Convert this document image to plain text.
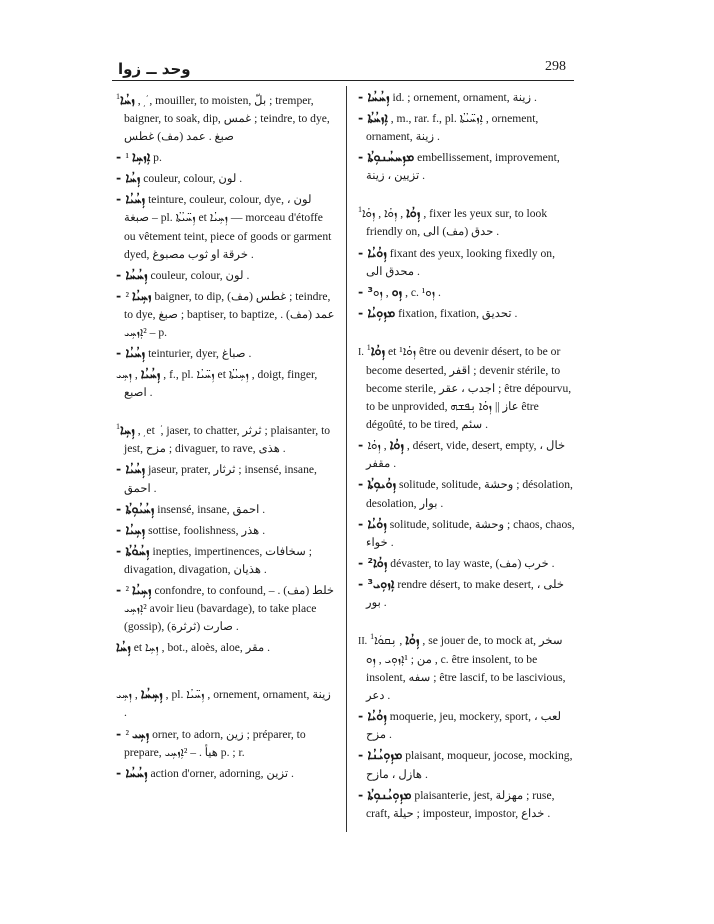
وحد ــ زوا	298
$^1$ܙܚܳܐ , ܼ ܿ , mouiller, to moisten, بلّ ; tremper, baigner, to soak, dip, غمس ; teindre, to dye, صبغ . عمد (مف) غطس
- ܐܼܙܚܼܐ ¹ p.
- ܙܼܚܳܐ couleur, colour, لون .
- ܙܼܚܳܝܳܐ teinture, couleur, colour, dye, لون ، صبغة – pl. ܙܼܚ̈ܝܳܬܳܐ et ܙܼܚܼܝܳܐ — morceau d'étoffe ou vêtement teint, piece of goods or garment dyed, خرقة او ثوب مصبوغ .
- ܙܼܚܳܚܳܐ couleur, colour, لون .
- ܙܚܼܝܳܐ ² baigner, to dip, غطس (مف) ; teindre, to dye, صبغ ; baptiser, to baptize, عمد (مف) . – ²ܐܼܙܚܼܝ p.
- ܙܼܚܳܝܳܐ teinturier, dyer, صباغ .
ܙܼܚܳܝܳܐ , ܙܼܚܼܝ , f., pl. ܙܼܚ̈ܝܳܐ et ܙܼܚܼܝܳܬܳܐ , doigt, finger, اصبع .
$^1$ܙܼܚܼܐ , ܼ et ܿ , jaser, to chatter, ثرثر ; plaisanter, to jest, مزح ; divaguer, to rave, هذى .
- ܙܼܚܳܝܳܐ jaseur, prater, ثرثار ; insensé, insane, احمق .
- ܙܼܚܳܝܳܘܼܬܳܐ insensé, insane, احمق .
- ܙܼܚܼܝܳܐ sottise, foolishness, هذر .
- ܙܼܚܳܘܳܬܳܐ inepties, impertinences, سخافات ; divagation, divagation, هذيان .
- ܙܼܚܼܝܳܐ ² confondre, to confound, خلط (مف) . – ²ܐܼܙܚܼܝ avoir lieu (bavardage), to take place (gossip), صارت (ثرثرة) .
ܙܼܚܳܐ et ܙܼܚܼܐ , bot., aloès, aloe, مقر .
ܙܼܚܼܚܳܐ , ܙܼܚܼܝ , pl. ܙܼܚ̈ܝܳܐ , ornement, ornament, زينة .
- ܙܼܚܼܝ ² orner, to adorn, زين ; préparer, to prepare, هيأ . – ²ܐܼܙܚܼܝ p. ; r.
- ܙܼܚܳܚܳܐ action d'orner, adorning, تزين .
- ܙܼܚܳܚܳܐ id. ; ornement, ornament, زينة .
- ܐܼܙܚܳܬܳܐ , m., rar. f., pl. ܐܼܙܚ̈ܝܳܬܳܐ , ornement, ornament, زينة .
- ܡܙܼܚܚܳܢܘܼܬܳܐ embellissement, improvement, تزيين ، زينة .
$^1$	ܙܼܘܳܐ , ܙܼܘܳܐ , ܙܼܘܳܐ , fixer les yeux sur, to look friendly on, حدق (مف) الى .
- ܙܼܘܳܝܳܐ fixant des yeux, looking fixedly on, محدق الى .
- ³ܙܼܘ , ܙܼܘ , c. ¹ܙܼܘ .
- ܡܙܼܘܼܝܳܐ fixation, fixation, تحديق .
I. $^1$ܙܼܘܳܐ et ¹ܙܼܘܳܐ être ou devenir désert, to be or become deserted, اقفر ; devenir stérile, to become sterile, اجدب ، عقر ; être dépourvu, to be unprovided, عاز || ܙܼܘܳܐ ܢܼܦܫܗ être dégoûté, to be tired, سئم .
- ܙܼܘܳܐ , ܙܼܘܳܐ , désert, vide, desert, empty, خال ، مقفر .
- ܙܼܘܳܝܘܼܬܳܐ solitude, solitude, وحشة ; désolation, desolation, بوار .
- ܙܼܘܳܝܳܐ solitude, solitude, وحشة ; chaos, chaos, خواء .
- ²ܙܼܘܳܐ dévaster, to lay waste, خرب (مف) .
- ³ܐܼܙܘܼܝ rendre désert, to make desert, خلى ، بور .
II. $^1$ ܙܼܘܳܐ , ܢܼܩܘܿܐ , se jouer de, to mock at, سخر من ; ¹ܐܼܙܘܼܝ , ܙܼܘ , c. être insolent, to be insolent, سفه ; être lascif, to be lascivious, دعر .
- ܙܼܘܳܝܳܐ moquerie, jeu, mockery, sport, لعب ، مزح .
- ܡܙܼܘܼܝܳܢܳܐ plaisant, moqueur, jocose, mocking, هازل ، مازح .
- ܡܙܼܘܼܝܳܢܘܼܬܳܐ plaisanterie, jest, مهزلة ; ruse, craft, حيلة ; imposteur, impostor, خداع .
